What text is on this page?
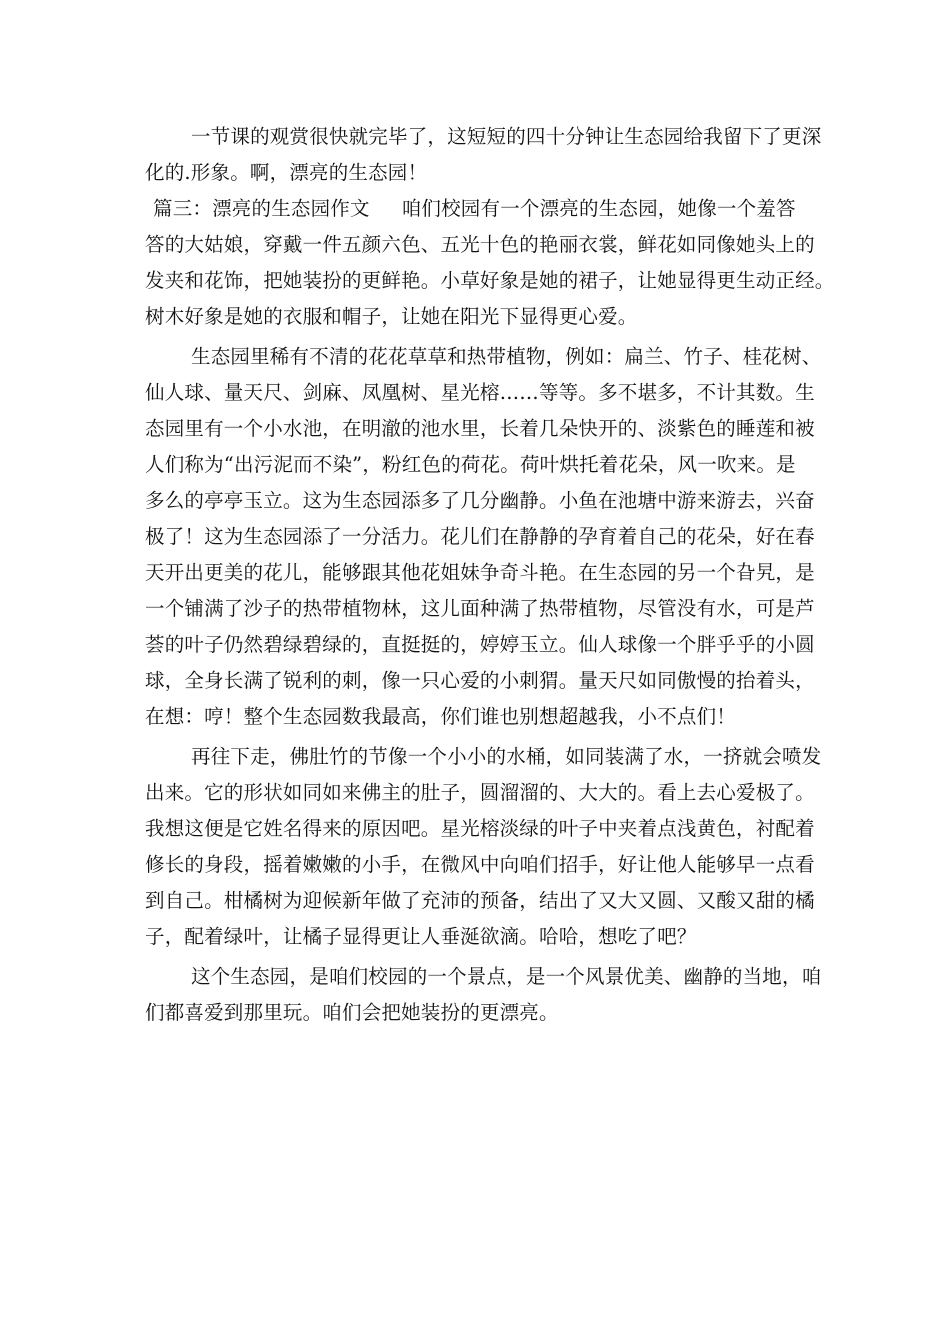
一节课的观赏很快就完毕了，这短短的四十分钟让生态园给我留下了更深
化的.形象。啊，漂亮的生态园！
篇三：漂亮的生态园作文 咱们校园有一个漂亮的生态园，她像一个羞答
答的大姑娘，穿戴一件五颜六色、五光十色的艳丽衣裳，鲜花如同像她头上的
发夹和花饰，把她装扮的更鲜艳。小草好象是她的裙子，让她显得更生动正经。
树木好象是她的衣服和帽子，让她在阳光下显得更心爱。
生态园里稀有不清的花花草草和热带植物，例如：扁兰、竹子、桂花树、
仙人球、量天尺、剑麻、凤凰树、星光榕……等等。多不堪多，不计其数。生
态园里有一个小水池，在明澈的池水里，长着几朵快开的、淡紫色的睡莲和被
人们称为“出污泥而不染”，粉红色的荷花。荷叶烘托着花朵，风一吹来。是
多么的亭亭玉立。这为生态园添多了几分幽静。小鱼在池塘中游来游去，兴奋
极了！这为生态园添了一分活力。花儿们在静静的孕育着自己的花朵，好在春
天开出更美的花儿，能够跟其他花姐妹争奇斗艳。在生态园的另一个旮旯，是
一个铺满了沙子的热带植物林，这儿面种满了热带植物，尽管没有水，可是芦
荟的叶子仍然碧绿碧绿的，直挺挺的，婷婷玉立。仙人球像一个胖乎乎的小圆
球，全身长满了锐利的刺，像一只心爱的小刺猬。量天尺如同傲慢的抬着头，
在想：哼！整个生态园数我最高，你们谁也别想超越我，小不点们！
再往下走，佛肚竹的节像一个小小的水桶，如同装满了水，一挤就会喷发
出来。它的形状如同如来佛主的肚子，圆溜溜的、大大的。看上去心爱极了。
我想这便是它姓名得来的原因吧。星光榕淡绿的叶子中夹着点浅黄色，衬配着
修长的身段，摇着嫩嫩的小手，在微风中向咱们招手，好让他人能够早一点看
到自己。柑橘树为迎候新年做了充沛的预备，结出了又大又圆、又酸又甜的橘
子，配着绿叶，让橘子显得更让人垂涎欲滴。哈哈，想吃了吧？
这个生态园，是咱们校园的一个景点，是一个风景优美、幽静的当地，咱
们都喜爱到那里玩。咱们会把她装扮的更漂亮。
